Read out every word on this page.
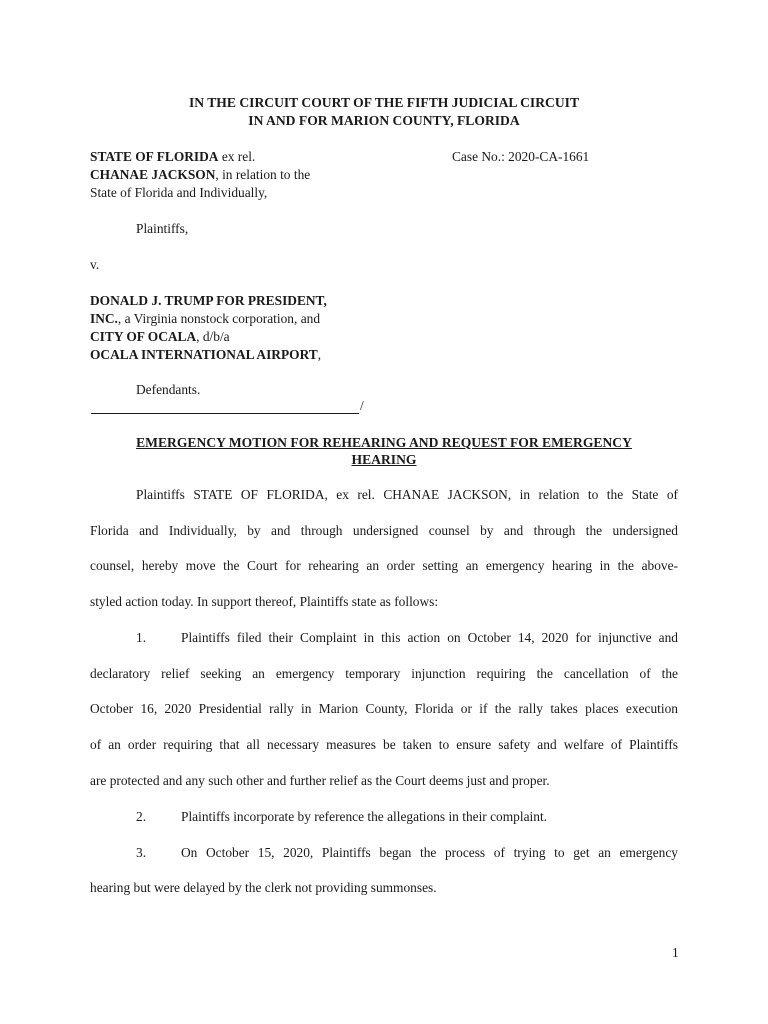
IN THE CIRCUIT COURT OF THE FIFTH JUDICIAL CIRCUIT
IN AND FOR MARION COUNTY, FLORIDA
STATE OF FLORIDA ex rel.	Case No.: 2020-CA-1661
CHANAE JACKSON, in relation to the
State of Florida and Individually,
Plaintiffs,
v.
DONALD J. TRUMP FOR PRESIDENT,
INC., a Virginia nonstock corporation, and
CITY OF OCALA, d/b/a
OCALA INTERNATIONAL AIRPORT,
Defendants.
/
EMERGENCY MOTION FOR REHEARING AND REQUEST FOR EMERGENCY
HEARING
Plaintiffs STATE OF FLORIDA, ex rel. CHANAE JACKSON, in relation to the State of
Florida and Individually, by and through undersigned counsel by and through the undersigned
counsel, hereby move the Court for rehearing an order setting an emergency hearing in the above-
styled action today. In support thereof, Plaintiffs state as follows:
1.	Plaintiffs filed their Complaint in this action on October 14, 2020 for injunctive and
declaratory relief seeking an emergency temporary injunction requiring the cancellation of the
October 16, 2020 Presidential rally in Marion County, Florida or if the rally takes places execution
of an order requiring that all necessary measures be taken to ensure safety and welfare of Plaintiffs
are protected and any such other and further relief as the Court deems just and proper.
2.	Plaintiffs incorporate by reference the allegations in their complaint.
3.	On October 15, 2020, Plaintiffs began the process of trying to get an emergency
hearing but were delayed by the clerk not providing summonses.
1
